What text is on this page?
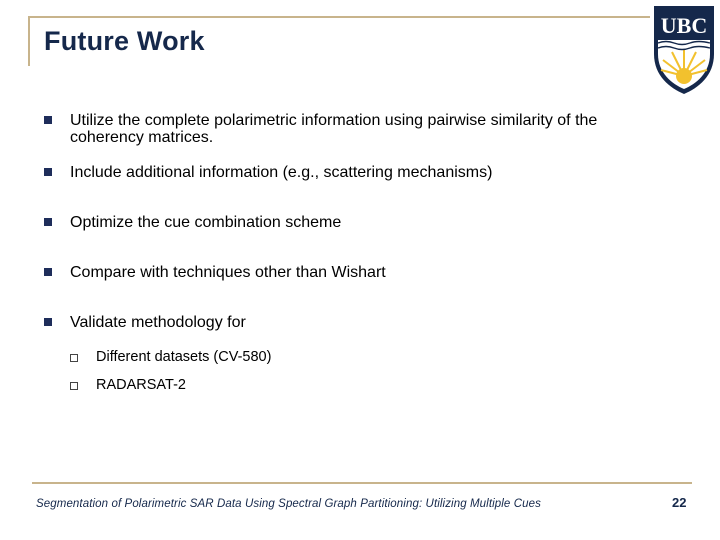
Future Work
UBC
Utilize the complete polarimetric information using pairwise similarity of the coherency matrices.
Include additional information (e.g., scattering mechanisms)
Optimize the cue combination scheme
Compare with techniques other than Wishart
Validate methodology for
Different datasets (CV-580)
RADARSAT-2
Segmentation of Polarimetric SAR Data Using Spectral Graph Partitioning: Utilizing Multiple Cues	22
